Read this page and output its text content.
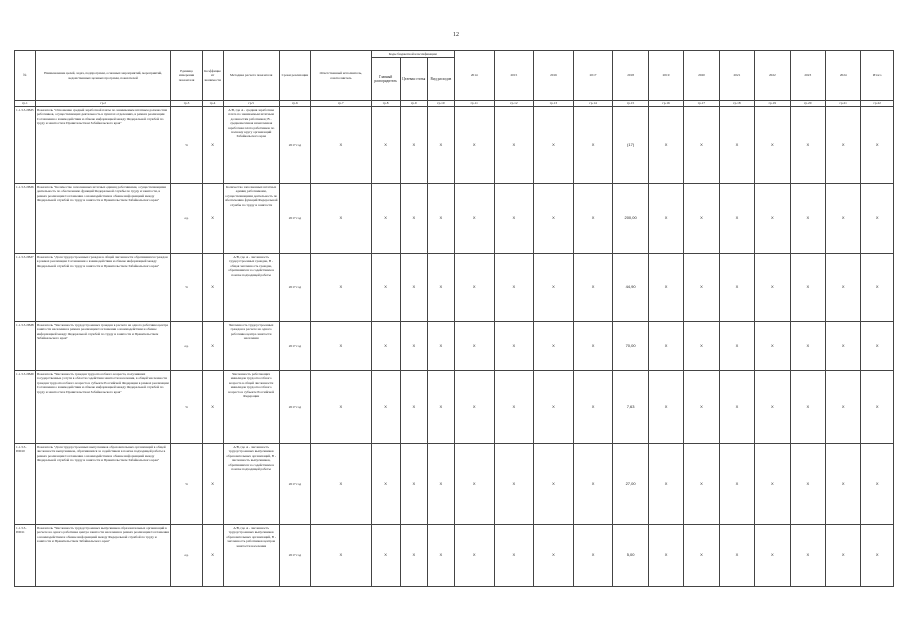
12
№	Наименование целей, задач, подпрограмм, основных мероприятий, мероприятий, ведомственных целевых программ, показателей	Единица измерения показателя	Коэффициент значимости	Методика расчета показателя	Сроки реализации	Ответственный исполнитель, соисполнитель	Коды бюджетной классификации			2014	2015	2016	2017	2018	2019	2020	2021	2022	2023	2024	Итого
							Главный распорядитель	Целевая статья	Вид расходов												
гр.1	гр.2	гр.3	гр.4	гр.5	гр.6	гр.7	гр.8	гр.9	гр.10	гр.11	гр.12	гр.13	гр.14	гр.15	гр.16	гр.17	гр.18	гр.19	гр.20	гр.21	гр.22
1.1.3.3-ПМ5	Показатель "Отношение средней заработной платы по занимаемым штатным должностям работников, осуществляющих деятельность в пунктах отделениях, в рамках реализации Соглашения о взаимодействии и обмене информацией между Федеральной службой по труду и занятости и Правительством Забайкальского края"	%	X	A/B, где A - средняя заработная плата по занимаемым штатным должностям работников; B - среднемесячная начисленная заработная плата работников по полному кругу организаций Забайкальского края	2017 год	X	X	X	X	X	X	X	X	(17)	X	X	X	X	X	X	X
1.1.3.3-ПМ6	Показатель "Количество заполненных штатных единиц работниками, осуществляющими деятельность по обеспечению функций Федеральной службы по труду и занятости, в рамках реализации Соглашения о взаимодействии и обмене информацией между Федеральной службой по труду и занятости и Правительством Забайкальского края"	ед.	X	Количество заполненных штатных единиц работниками, осуществляющими деятельность по обеспечению функций Федеральной службы по труду и занятости	2017 год	X	X	X	X	X	X	X	X	200,00	X	X	X	X	X	X	X
1.1.3.3-ПМ7	Показатель "Доля трудоустроенных граждан в общей численности обратившихся граждан в рамках реализации Соглашения о взаимодействии и обмене информацией между Федеральной службой по труду и занятости и Правительством Забайкальского края"	%	X	A/B, где A - численность трудоустроенных граждан, B - общая численность граждан, обратившихся за содействием в поиске подходящей работы	2017 год	X	X	X	X	X	X	X	X	44,90	X	X	X	X	X	X	X
1.1.3.3-ПМ8	Показатель "Численность трудоустроенных граждан в расчете на одного работника центра занятости населения в рамках реализации Соглашения о взаимодействии и обмене информацией между Федеральной службой по труду и занятости и Правительством Забайкальского края"	ед.	X	Численность трудоустроенных граждан в расчете на одного работника центра занятости населения	2017 год	X	X	X	X	X	X	X	X	70,00	X	X	X	X	X	X	X
1.1.3.3-ПМ9	Показатель "Численность граждан трудоспособного возраста, получивших государственные услуги в области содействия занятости населения, в общей численности граждан трудоспособного возраста в субъекте Российской Федерации в рамках реализации Соглашения о взаимодействии и обмене информацией между Федеральной службой по труду и занятости и Правительством Забайкальского края"	%	X	Численность работающих инвалидов трудоспособного возраста в общей численности инвалидов трудоспособного возраста в субъекте Российской Федерации	2017 год	X	X	X	X	X	X	X	X	7,63	X	X	X	X	X	X	X
1.1.3.3-ПМ10	Показатель "Доля трудоустроенных выпускников образовательных организаций в общей численности выпускников, обратившихся за содействием в поиске подходящей работы в рамках реализации Соглашения о взаимодействии и обмене информацией между Федеральной службой по труду и занятости и Правительством Забайкальского края"	%	X	A/B, где A - численность трудоустроенных выпускников образовательных организаций, B - численность выпускников, обратившихся за содействием в поиске подходящей работы	2017 год	X	X	X	X	X	X	X	X	27,00	X	X	X	X	X	X	X
1.1.3.3-ПМ11	Показатель "Численность трудоустроенных выпускников образовательных организаций в расчете на одного работника центра занятости населения в рамках реализации Соглашения о взаимодействии и обмене информацией между Федеральной службой по труду и занятости и Правительством Забайкальского края"	ед.	X	A/B, где A - численность трудоустроенных выпускников образовательных организаций, B - численность работников центров занятости населения	2017 год	X	X	X	X	X	X	X	X	5,00	X	X	X	X	X	X	X
